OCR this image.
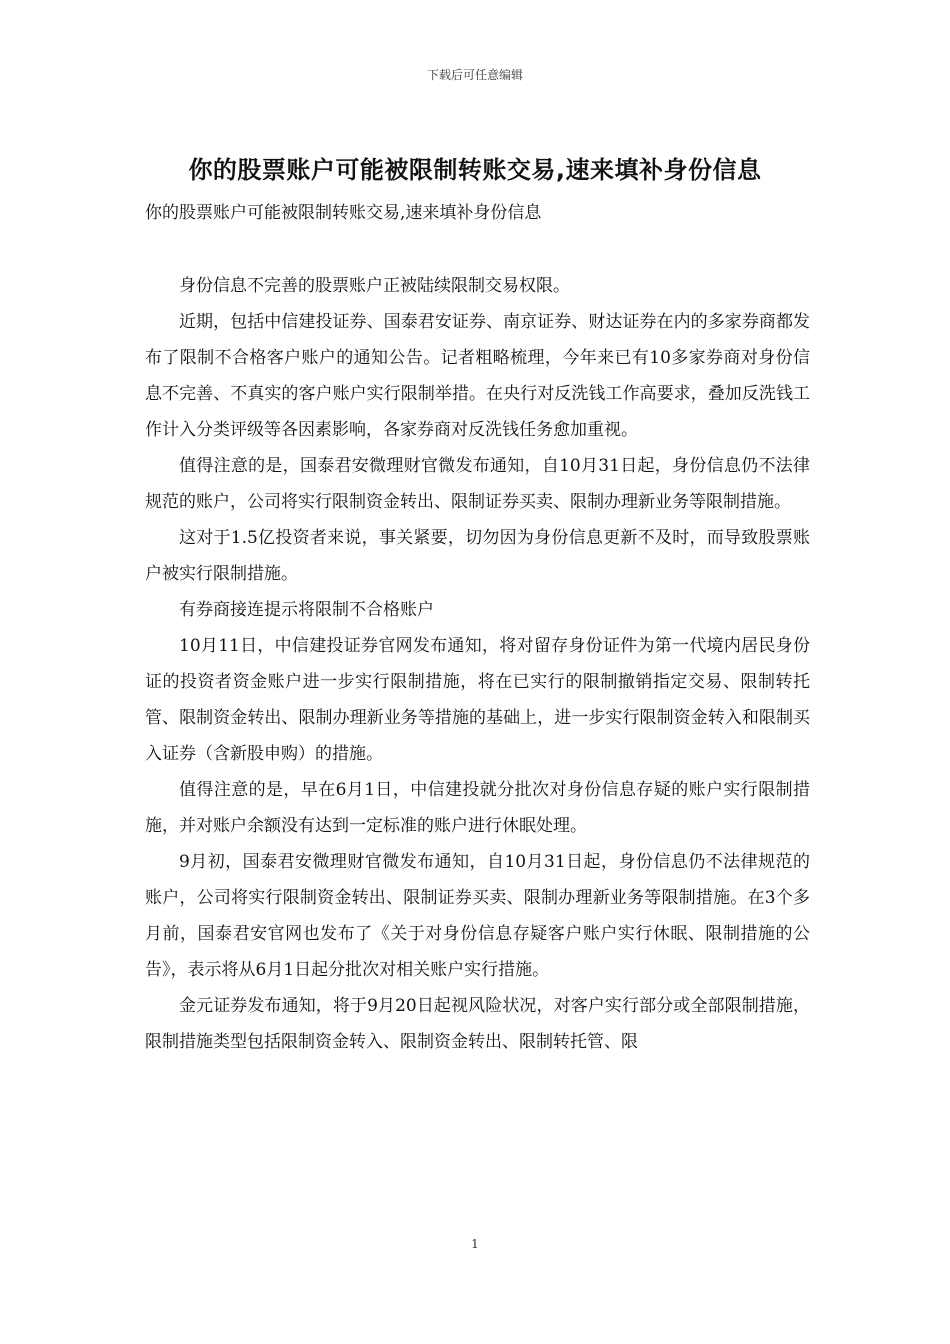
下载后可任意编辑
你的股票账户可能被限制转账交易,速来填补身份信息

你的股票账户可能被限制转账交易,速来填补身份信息

身份信息不完善的股票账户正被陆续限制交易权限。

近期，包括中信建投证券、国泰君安证券、南京证券、财达证券在内的多家券商都发布了限制不合格客户账户的通知公告。记者粗略梳理，今年来已有10多家券商对身份信息不完善、不真实的客户账户实行限制举措。在央行对反洗钱工作高要求，叠加反洗钱工作计入分类评级等各因素影响，各家券商对反洗钱任务愈加重视。

值得注意的是，国泰君安微理财官微发布通知，自10月31日起，身份信息仍不法律规范的账户，公司将实行限制资金转出、限制证券买卖、限制办理新业务等限制措施。

这对于1.5亿投资者来说，事关紧要，切勿因为身份信息更新不及时，而导致股票账户被实行限制措施。

有券商接连提示将限制不合格账户

10月11日，中信建投证券官网发布通知，将对留存身份证件为第一代境内居民身份证的投资者资金账户进一步实行限制措施，将在已实行的限制撤销指定交易、限制转托管、限制资金转出、限制办理新业务等措施的基础上，进一步实行限制资金转入和限制买入证券（含新股申购）的措施。

值得注意的是，早在6月1日，中信建投就分批次对身份信息存疑的账户实行限制措施，并对账户余额没有达到一定标准的账户进行休眠处理。

9月初，国泰君安微理财官微发布通知，自10月31日起，身份信息仍不法律规范的账户，公司将实行限制资金转出、限制证券买卖、限制办理新业务等限制措施。在3个多月前，国泰君安官网也发布了《关于对身份信息存疑客户账户实行休眠、限制措施的公告》，表示将从6月1日起分批次对相关账户实行措施。

金元证券发布通知，将于9月20日起视风险状况，对客户实行部分或全部限制措施，限制措施类型包括限制资金转入、限制资金转出、限制转托管、限

1
